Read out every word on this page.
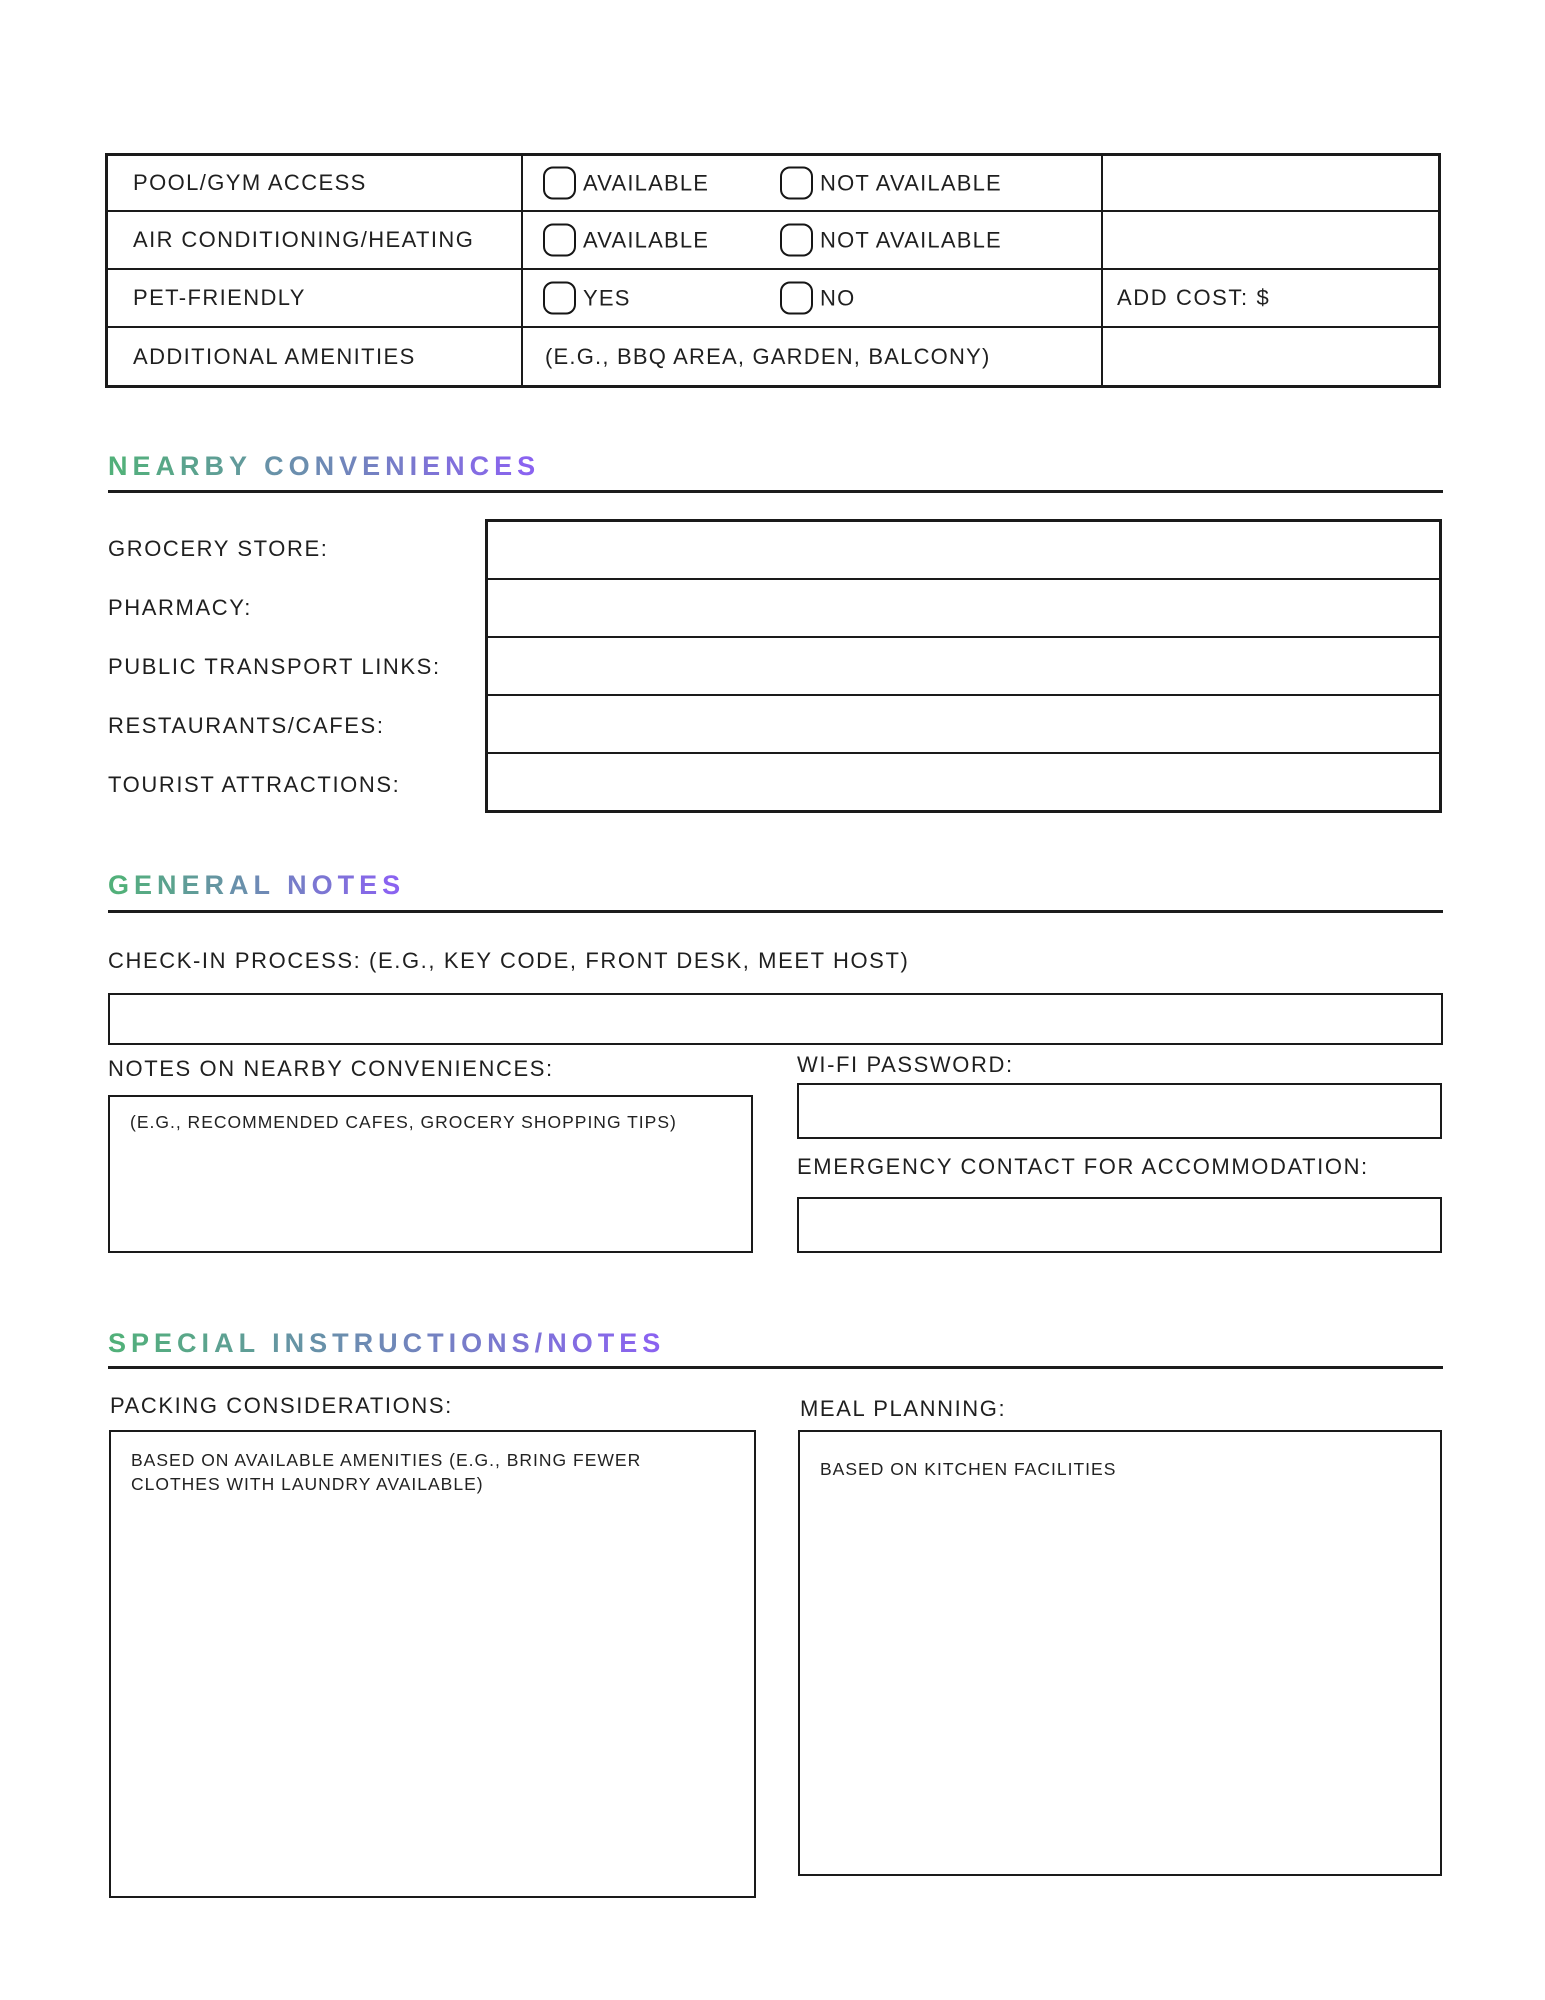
POOL/GYM ACCESS	AVAILABLE	NOT AVAILABLE
AIR CONDITIONING/HEATING	AVAILABLE	NOT AVAILABLE
PET-FRIENDLY	YES	NO	ADD COST: $
ADDITIONAL AMENITIES	(E.G., BBQ AREA, GARDEN, BALCONY)
NEARBY CONVENIENCES
GROCERY STORE:
PHARMACY:
PUBLIC TRANSPORT LINKS:
RESTAURANTS/CAFES:
TOURIST ATTRACTIONS:
GENERAL NOTES
CHECK-IN PROCESS: (E.G., KEY CODE, FRONT DESK, MEET HOST)
NOTES ON NEARBY CONVENIENCES:
(E.G., RECOMMENDED CAFES, GROCERY SHOPPING TIPS)
WI-FI PASSWORD:
EMERGENCY CONTACT FOR ACCOMMODATION:
SPECIAL INSTRUCTIONS/NOTES
PACKING CONSIDERATIONS:
BASED ON AVAILABLE AMENITIES (E.G., BRING FEWER CLOTHES WITH LAUNDRY AVAILABLE)
MEAL PLANNING:
BASED ON KITCHEN FACILITIES
